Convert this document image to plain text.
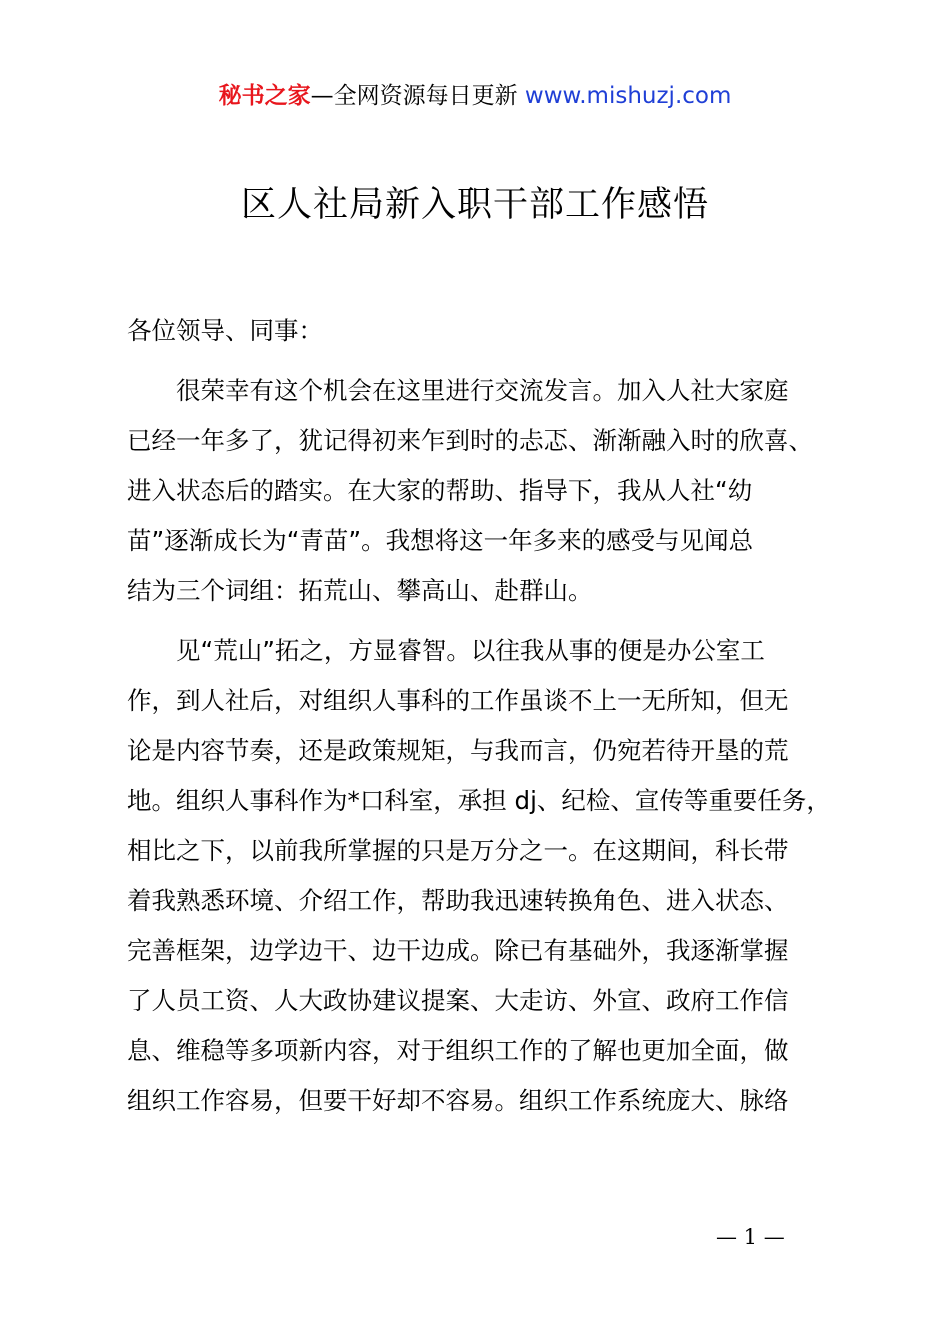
秘书之家—全网资源每日更新 www.mishuzj.com
区人社局新入职干部工作感悟

各位领导、同事：

很荣幸有这个机会在这里进行交流发言。加入人社大家庭
已经一年多了，犹记得初来乍到时的忐忑、渐渐融入时的欣喜、
进入状态后的踏实。在大家的帮助、指导下，我从人社“幼
苗”逐渐成长为“青苗”。我想将这一年多来的感受与见闻总
结为三个词组：拓荒山、攀高山、赴群山。

见“荒山”拓之，方显睿智。以往我从事的便是办公室工
作，到人社后，对组织人事科的工作虽谈不上一无所知，但无
论是内容节奏，还是政策规矩，与我而言，仍宛若待开垦的荒
地。组织人事科作为*口科室，承担 dj、纪检、宣传等重要任务，
相比之下，以前我所掌握的只是万分之一。在这期间，科长带
着我熟悉环境、介绍工作，帮助我迅速转换角色、进入状态、
完善框架，边学边干、边干边成。除已有基础外，我逐渐掌握
了人员工资、人大政协建议提案、大走访、外宣、政府工作信
息、维稳等多项新内容，对于组织工作的了解也更加全面，做
组织工作容易，但要干好却不容易。组织工作系统庞大、脉络

— 1 —
